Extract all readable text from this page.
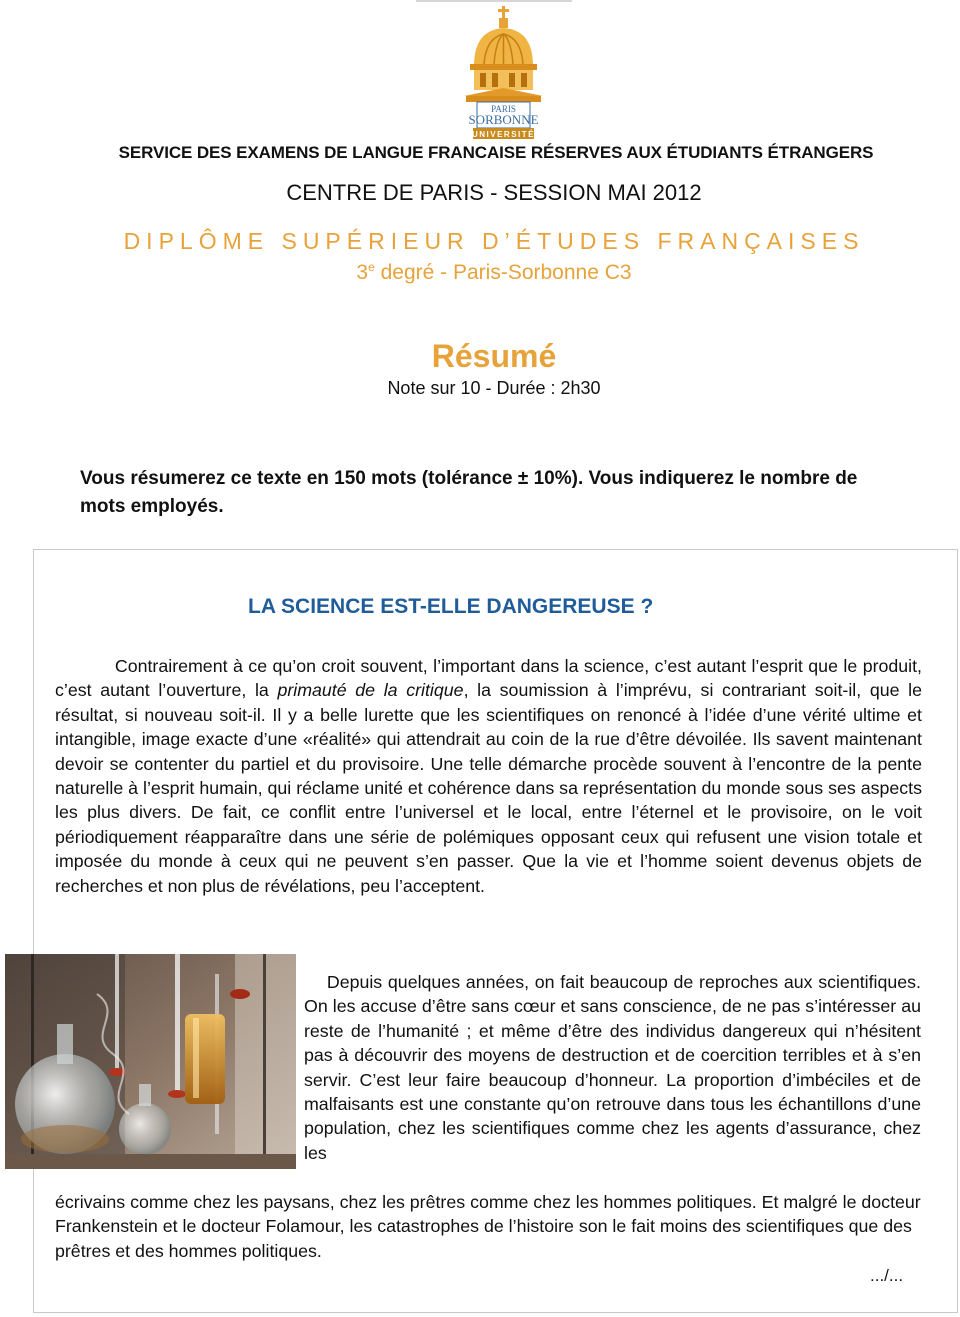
PARIS
SORBONNE
UNIVERSITÉ
SERVICE DES EXAMENS DE LANGUE FRANCAISE RÉSERVES AUX ÉTUDIANTS ÉTRANGERS
CENTRE DE PARIS - SESSION MAI 2012
DIPLÔME SUPÉRIEUR D’ÉTUDES FRANÇAISES
3e degré - Paris-Sorbonne C3
Résumé
Note sur 10 - Durée : 2h30
Vous résumerez ce texte en 150 mots (tolérance ± 10%). Vous indiquerez le nombre de mots employés.
LA SCIENCE EST-ELLE DANGEREUSE ?

Contrairement à ce qu’on croit souvent, l’important dans la science, c’est autant l’esprit que le produit, c’est autant l’ouverture, la primauté de la critique, la soumission à l’imprévu, si contrariant soit-il, que le résultat, si nouveau soit-il. Il y a belle lurette que les scientifiques on renoncé à l’idée d’une vérité ultime et intangible, image exacte d’une «réalité» qui attendrait au coin de la rue d’être dévoilée. Ils savent maintenant devoir se contenter du partiel et du provisoire. Une telle démarche procède souvent à l’encontre de la pente naturelle à l’esprit humain, qui réclame unité et cohérence dans sa représentation du monde sous ses aspects les plus divers. De fait, ce conflit entre l’universel et le local, entre l’éternel et le provisoire, on le voit périodiquement réapparaître dans une série de polémiques opposant ceux qui refusent une vision totale et imposée du monde à ceux qui ne peuvent s’en passer. Que la vie et l’homme soient devenus objets de recherches et non plus de révélations, peu l’acceptent.

Depuis quelques années, on fait beaucoup de reproches aux scientifiques. On les accuse d’être sans cœur et sans conscience, de ne pas s’intéresser au reste de l’humanité ; et même d’être des individus dangereux qui n’hésitent pas à découvrir des moyens de destruction et de coercition terribles et à s’en servir. C’est leur faire beaucoup d’honneur. La proportion d’imbéciles et de malfaisants est une constante qu’on retrouve dans tous les échantillons d’une population, chez les scientifiques comme chez les agents d’assurance, chez les

écrivains comme chez les paysans, chez les prêtres comme chez les hommes politiques. Et malgré le docteur Frankenstein et le docteur Folamour, les catastrophes de l’histoire son le fait moins des scientifiques que des prêtres et des hommes politiques.

.../...
